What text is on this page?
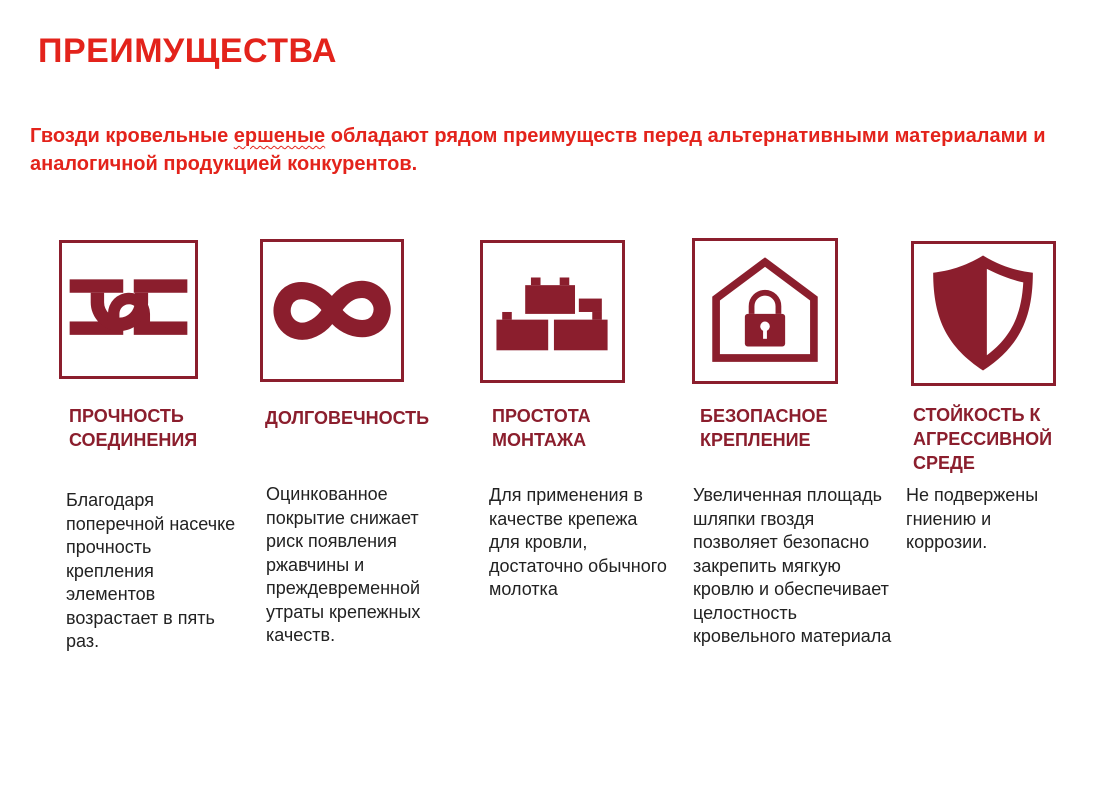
ПРЕИМУЩЕСТВА
Гвозди кровельные ершеные обладают рядом преимуществ перед альтернативными материалами и аналогичной продукцией конкурентов.
ПРОЧНОСТЬ СОЕДИНЕНИЯ
Благодаря поперечной насечке прочность крепления элементов возрастает в пять раз.
ДОЛГОВЕЧНОСТЬ
Оцинкованное покрытие снижает риск появления ржавчины и преждевременной утраты крепежных качеств.
ПРОСТОТА МОНТАЖА
Для применения в качестве крепежа для кровли, достаточно обычного молотка
БЕЗОПАСНОЕ КРЕПЛЕНИЕ
Увеличенная площадь шляпки гвоздя позволяет безопасно закрепить мягкую кровлю и обеспечивает целостность кровельного материала
СТОЙКОСТЬ К АГРЕССИВНОЙ СРЕДЕ
Не подвержены гниению и коррозии.
